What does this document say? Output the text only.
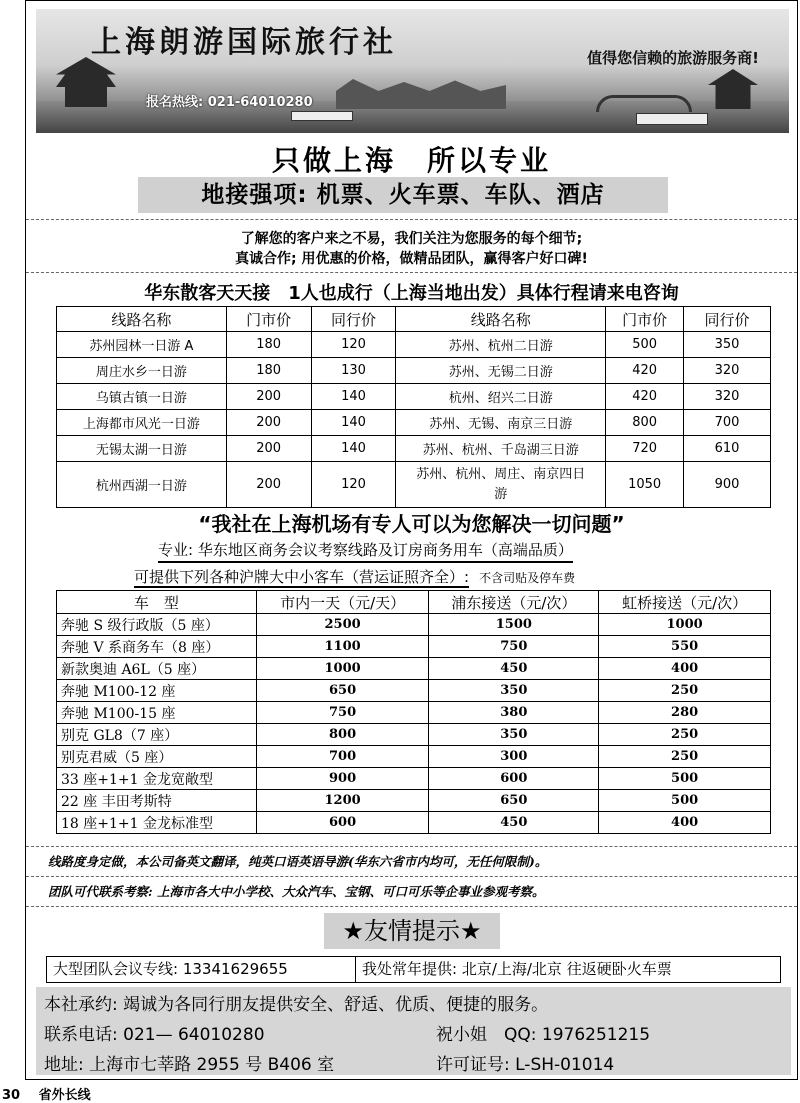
上海朗游国际旅行社	值得您信赖的旅游服务商!
报名热线: 021-64010280
只做上海　所以专业
地接强项: 机票、火车票、车队、酒店
了解您的客户来之不易，我们关注为您服务的每个细节;
真诚合作; 用优惠的价格，做精品团队，赢得客户好口碑!
华东散客天天接　1人也成行（上海当地出发）具体行程请来电咨询
线路名称	门市价	同行价	线路名称	门市价	同行价
苏州园林一日游 A	180	120	苏州、杭州二日游	500	350
周庄水乡一日游	180	130	苏州、无锡二日游	420	320
乌镇古镇一日游	200	140	杭州、绍兴二日游	420	320
上海都市风光一日游	200	140	苏州、无锡、南京三日游	800	700
无锡太湖一日游	200	140	苏州、杭州、千岛湖三日游	720	610
杭州西湖一日游	200	120	苏州、杭州、周庄、南京四日游	1050	900
“我社在上海机场有专人可以为您解决一切问题”
专业: 华东地区商务会议考察线路及订房商务用车（高端品质）
可提供下列各种沪牌大中小客车（营运证照齐全）: 不含司贴及停车费
车　型	市内一天（元/天）	浦东接送（元/次）	虹桥接送（元/次）
奔驰 S 级行政版（5 座）	2500	1500	1000
奔驰 V 系商务车（8 座）	1100	750	550
新款奥迪 A6L（5 座）	1000	450	400
奔驰 M100-12 座	650	350	250
奔驰 M100-15 座	750	380	280
别克 GL8（7 座）	800	350	250
别克君威（5 座）	700	300	250
33 座+1+1 金龙宽敞型	900	600	500
22 座 丰田考斯特	1200	650	500
18 座+1+1 金龙标准型	600	450	400
线路度身定做，本公司备英文翻译，纯英口语英语导游(华东六省市内均可，无任何限制)。
团队可代联系考察: 上海市各大中小学校、大众汽车、宝钢、可口可乐等企事业参观考察。
★友情提示★
大型团队会议专线: 13341629655	我处常年提供: 北京/上海/北京 往返硬卧火车票
本社承约: 竭诚为各同行朋友提供安全、舒适、优质、便捷的服务。
联系电话: 021— 64010280	祝小姐　QQ: 1976251215
地址: 上海市七莘路 2955 号 B406 室	许可证号: L-SH-01014
30 省外长线
